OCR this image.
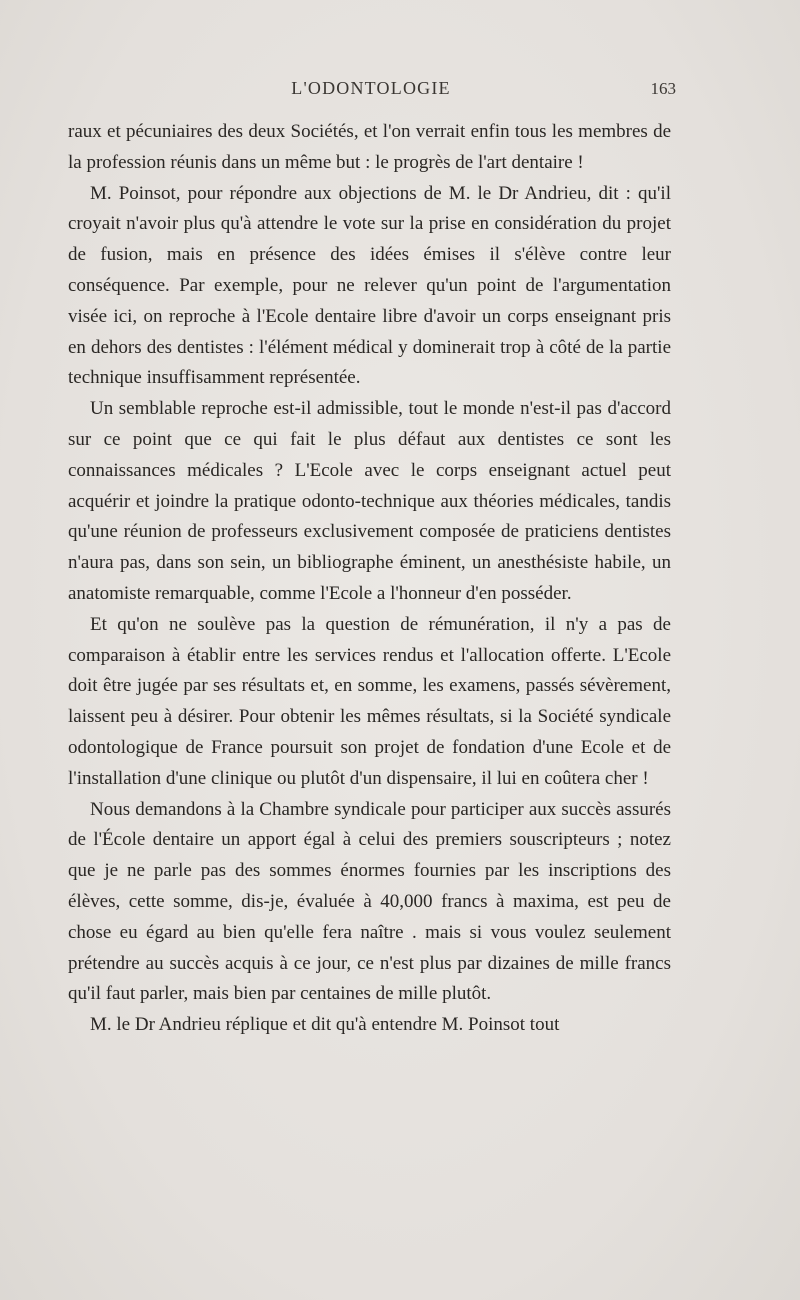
L'ODONTOLOGIE	163

raux et pécuniaires des deux Sociétés, et l'on verrait enfin tous les membres de la profession réunis dans un même but : le progrès de l'art dentaire !

M. Poinsot, pour répondre aux objections de M. le Dr Andrieu, dit : qu'il croyait n'avoir plus qu'à attendre le vote sur la prise en considération du projet de fusion, mais en présence des idées émises il s'élève contre leur conséquence. Par exemple, pour ne relever qu'un point de l'argumentation visée ici, on reproche à l'Ecole dentaire libre d'avoir un corps enseignant pris en dehors des dentistes : l'élément médical y dominerait trop à côté de la partie technique insuffisamment représentée.

Un semblable reproche est-il admissible, tout le monde n'est-il pas d'accord sur ce point que ce qui fait le plus défaut aux dentistes ce sont les connaissances médicales ? L'Ecole avec le corps enseignant actuel peut acquérir et joindre la pratique odonto-technique aux théories médicales, tandis qu'une réunion de professeurs exclusivement composée de praticiens dentistes n'aura pas, dans son sein, un bibliographe éminent, un anesthésiste habile, un anatomiste remarquable, comme l'Ecole a l'honneur d'en posséder.

Et qu'on ne soulève pas la question de rémunération, il n'y a pas de comparaison à établir entre les services rendus et l'allocation offerte. L'Ecole doit être jugée par ses résultats et, en somme, les examens, passés sévèrement, laissent peu à désirer. Pour obtenir les mêmes résultats, si la Société syndicale odontologique de France poursuit son projet de fondation d'une Ecole et de l'installation d'une clinique ou plutôt d'un dispensaire, il lui en coûtera cher !

Nous demandons à la Chambre syndicale pour participer aux succès assurés de l'École dentaire un apport égal à celui des premiers souscripteurs ; notez que je ne parle pas des sommes énormes fournies par les inscriptions des élèves, cette somme, dis-je, évaluée à 40,000 francs à maxima, est peu de chose eu égard au bien qu'elle fera naître . mais si vous voulez seulement prétendre au succès acquis à ce jour, ce n'est plus par dizaines de mille francs qu'il faut parler, mais bien par centaines de mille plutôt.

M. le Dr Andrieu réplique et dit qu'à entendre M. Poinsot tout
